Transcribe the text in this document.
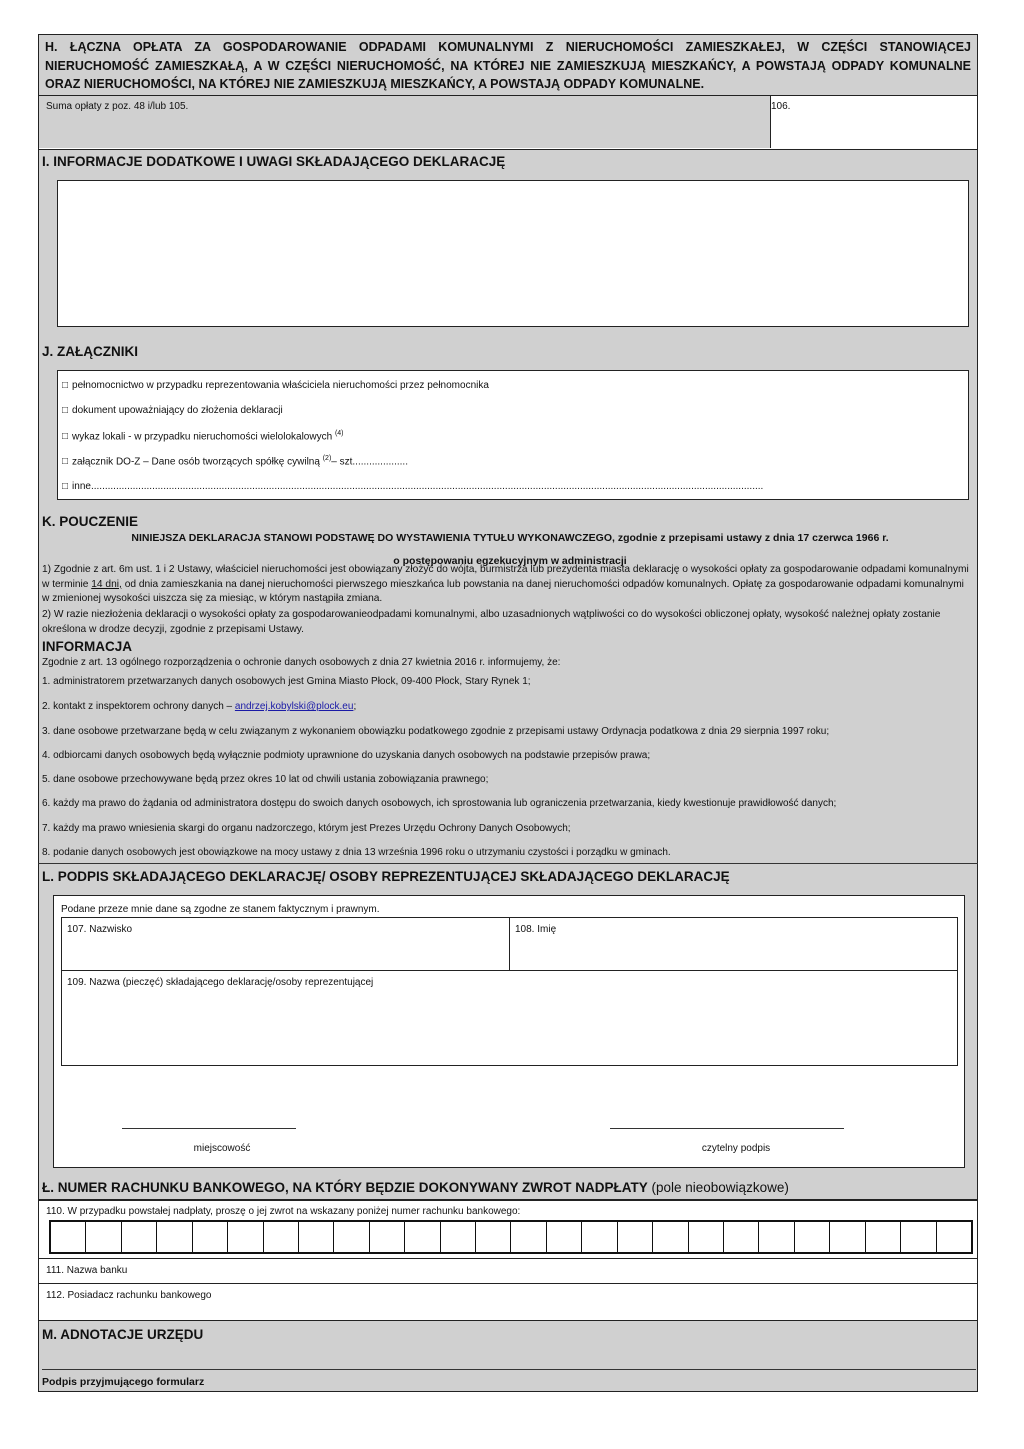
H. ŁĄCZNA OPŁATA ZA GOSPODAROWANIE ODPADAMI KOMUNALNYMI Z NIERUCHOMOŚCI ZAMIESZKAŁEJ, W CZĘŚCI STANOWIĄCEJ NIERUCHOMOŚĆ ZAMIESZKAŁĄ, A W CZĘŚCI NIERUCHOMOŚĆ, NA KTÓREJ NIE ZAMIESZKUJĄ MIESZKAŃCY, A POWSTAJĄ ODPADY KOMUNALNE ORAZ NIERUCHOMOŚCI, NA KTÓREJ NIE ZAMIESZKUJĄ MIESZKAŃCY, A POWSTAJĄ ODPADY KOMUNALNE.
Suma opłaty z poz. 48 i/lub 105.	106.
I. INFORMACJE DODATKOWE I UWAGI SKŁADAJĄCEGO DEKLARACJĘ
J. ZAŁĄCZNIKI
□ pełnomocnictwo w przypadku reprezentowania właściciela nieruchomości przez pełnomocnika
□ dokument upoważniający do złożenia deklaracji
□ wykaz lokali - w przypadku nieruchomości wielolokalowych $^{(4)}$
□ załącznik DO-Z – Dane osób tworzących spółkę cywilną $^{(2)}$– szt....................
□ inne..................................................................................................................................................................................................................................................
K. POUCZENIE
NINIEJSZA DEKLARACJA STANOWI PODSTAWĘ DO WYSTAWIENIA TYTUŁU WYKONAWCZEGO, zgodnie z przepisami ustawy z dnia 17 czerwca 1966 r.
o postępowaniu egzekucyjnym w administracji
1) Zgodnie z art. 6m ust. 1 i 2 Ustawy, właściciel nieruchomości jest obowiązany złożyć do wójta, burmistrza lub prezydenta miasta deklarację o wysokości opłaty za gospodarowanie odpadami komunalnymi w terminie 14 dni, od dnia zamieszkania na danej nieruchomości pierwszego mieszkańca lub powstania na danej nieruchomości odpadów komunalnych. Opłatę za gospodarowanie odpadami komunalnymi w zmienionej wysokości uiszcza się za miesiąc, w którym nastąpiła zmiana.
2) W razie niezłożenia deklaracji o wysokości opłaty za gospodarowanieodpadami komunalnymi, albo uzasadnionych wątpliwości co do wysokości obliczonej opłaty, wysokość należnej opłaty zostanie określona w drodze decyzji, zgodnie z przepisami Ustawy.
INFORMACJA
Zgodnie z art. 13 ogólnego rozporządzenia o ochronie danych osobowych z dnia 27 kwietnia 2016 r. informujemy, że:
1. administratorem przetwarzanych danych osobowych jest Gmina Miasto Płock, 09-400 Płock, Stary Rynek 1;
2. kontakt z inspektorem ochrony danych – andrzej.kobylski@plock.eu;
3. dane osobowe przetwarzane będą w celu związanym z wykonaniem obowiązku podatkowego zgodnie z przepisami ustawy Ordynacja podatkowa z dnia 29 sierpnia 1997 roku;
4. odbiorcami danych osobowych będą wyłącznie podmioty uprawnione do uzyskania danych osobowych na podstawie przepisów prawa;
5. dane osobowe przechowywane będą przez okres 10 lat od chwili ustania zobowiązania prawnego;
6. każdy ma prawo do żądania od administratora dostępu do swoich danych osobowych, ich sprostowania lub ograniczenia przetwarzania, kiedy kwestionuje prawidłowość danych;
7. każdy ma prawo wniesienia skargi do organu nadzorczego, którym jest Prezes Urzędu Ochrony Danych Osobowych;
8. podanie danych osobowych jest obowiązkowe na mocy ustawy z dnia 13 września 1996 roku o utrzymaniu czystości i porządku w gminach.
L. PODPIS SKŁADAJĄCEGO DEKLARACJĘ/ OSOBY REPREZENTUJĄCEJ SKŁADAJĄCEGO DEKLARACJĘ
Podane przeze mnie dane są zgodne ze stanem faktycznym i prawnym.
107. Nazwisko	108. Imię
109. Nazwa (pieczęć) składającego deklarację/osoby reprezentującej
miejscowość	czytelny podpis
Ł. NUMER RACHUNKU BANKOWEGO, NA KTÓRY BĘDZIE DOKONYWANY ZWROT NADPŁATY (pole nieobowiązkowe)
110. W przypadku powstałej nadpłaty, proszę o jej zwrot na wskazany poniżej numer rachunku bankowego:
111. Nazwa banku
112. Posiadacz rachunku bankowego
M. ADNOTACJE URZĘDU
Podpis przyjmującego formularz
